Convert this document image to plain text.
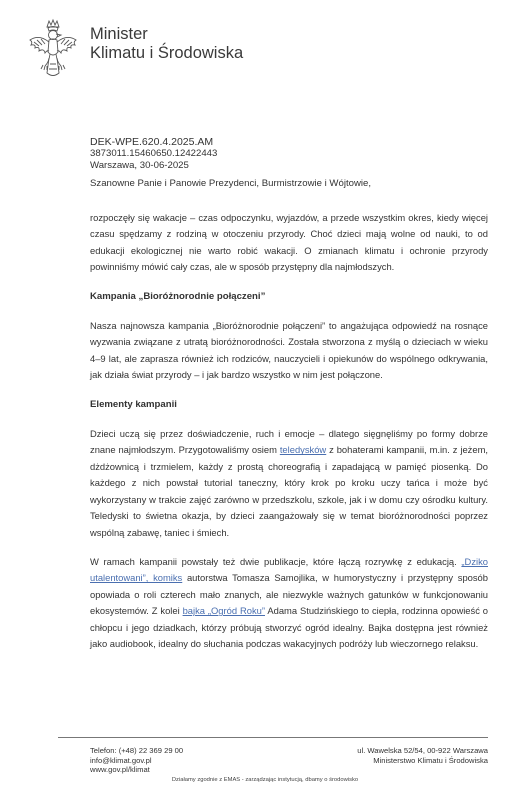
Minister
Klimatu i Środowiska
DEK-WPE.620.4.2025.AM
3873011.15460650.12422443
Warszawa, 30-06-2025
Szanowne Panie i Panowie Prezydenci, Burmistrzowie i Wójtowie,

rozpoczęły się wakacje – czas odpoczynku, wyjazdów, a przede wszystkim okres, kiedy więcej czasu spędzamy z rodziną w otoczeniu przyrody. Choć dzieci mają wolne od nauki, to od edukacji ekologicznej nie warto robić wakacji. O zmianach klimatu i ochronie przyrody powinniśmy mówić cały czas, ale w sposób przystępny dla najmłodszych.

Kampania „Bioróżnorodnie połączeni”

Nasza najnowsza kampania „Bioróżnorodnie połączeni” to angażująca odpowiedź na rosnące wyzwania związane z utratą bioróżnorodności. Została stworzona z myślą o dzieciach w wieku 4–9 lat, ale zaprasza również ich rodziców, nauczycieli i opiekunów do wspólnego odkrywania, jak działa świat przyrody – i jak bardzo wszystko w nim jest połączone.

Elementy kampanii

Dzieci uczą się przez doświadczenie, ruch i emocje – dlatego sięgnęliśmy po formy dobrze znane najmłodszym. Przygotowaliśmy osiem teledysków z bohaterami kampanii, m.in. z jeżem, dżdżownicą i trzmielem, każdy z prostą choreografią i zapadającą w pamięć piosenką. Do każdego z nich powstał tutorial taneczny, który krok po kroku uczy tańca i może być wykorzystany w trakcie zajęć zarówno w przedszkolu, szkole, jak i w domu czy ośrodku kultury. Teledyski to świetna okazja, by dzieci zaangażowały się w temat bioróżnorodności poprzez wspólną zabawę, taniec i śmiech.

W ramach kampanii powstały też dwie publikacje, które łączą rozrywkę z edukacją. „Dziko utalentowani”, komiks autorstwa Tomasza Samojlika, w humorystyczny i przystępny sposób opowiada o roli czterech mało znanych, ale niezwykle ważnych gatunków w funkcjonowaniu ekosystemów. Z kolei bajka „Ogród Roku” Adama Studzińskiego to ciepła, rodzinna opowieść o chłopcu i jego dziadkach, którzy próbują stworzyć ogród idealny. Bajka dostępna jest również jako audiobook, idealny do słuchania podczas wakacyjnych podróży lub wieczornego relaksu.

Telefon: (+48) 22 369 29 00
info@klimat.gov.pl
www.gov.pl/klimat
ul. Wawelska 52/54, 00-922 Warszawa
Ministerstwo Klimatu i Środowiska
Działamy zgodnie z EMAS - zarządzając instytucją, dbamy o środowisko
